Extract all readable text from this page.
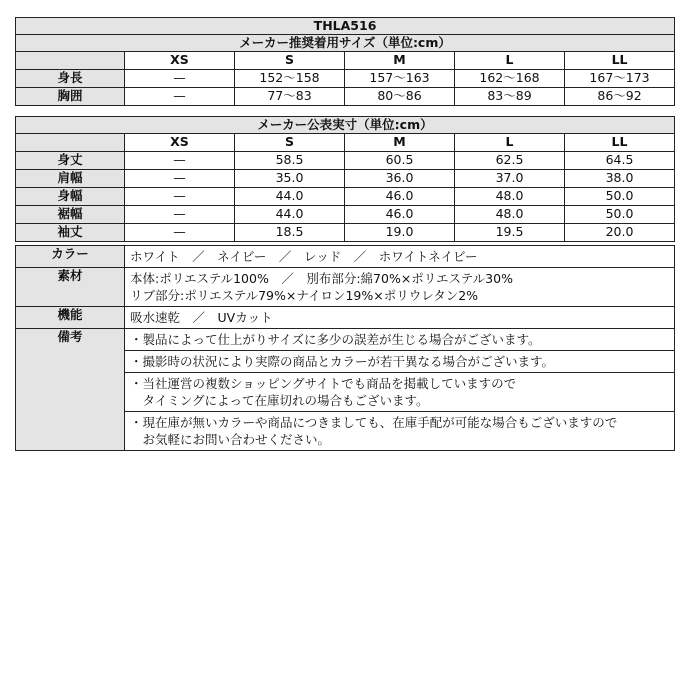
THLA516					
メーカー推奨着用サイズ（単位:cm）					
	XS	S	M	L	LL
身長	—	152〜158	157〜163	162〜168	167〜173
胸囲	—	77〜83	80〜86	83〜89	86〜92
メーカー公表実寸（単位:cm）					
	XS	S	M	L	LL
身丈	—	58.5	60.5	62.5	64.5
肩幅	—	35.0	36.0	37.0	38.0
身幅	—	44.0	46.0	48.0	50.0
裾幅	—	44.0	46.0	48.0	50.0
袖丈	—	18.5	19.0	19.5	20.0
カラー	ホワイト　／　ネイビー　／　レッド　／　ホワイトネイビー
素材	本体:ポリエステル100%　／　別布部分:綿70%×ポリエステル30%
リブ部分:ポリエステル79%×ナイロン19%×ポリウレタン2%

機能	吸水速乾　／　UVカット
備考	・製品によって仕上がりサイズに多少の誤差が生じる場合がございます。

	・撮影時の状況により実際の商品とカラーが若干異なる場合がございます。

	・当社運営の複数ショッピングサイトでも商品を掲載していますので
　タイミングによって在庫切れの場合もございます。

	・現在庫が無いカラーや商品につきましても、在庫手配が可能な場合もございますので
　お気軽にお問い合わせください。
